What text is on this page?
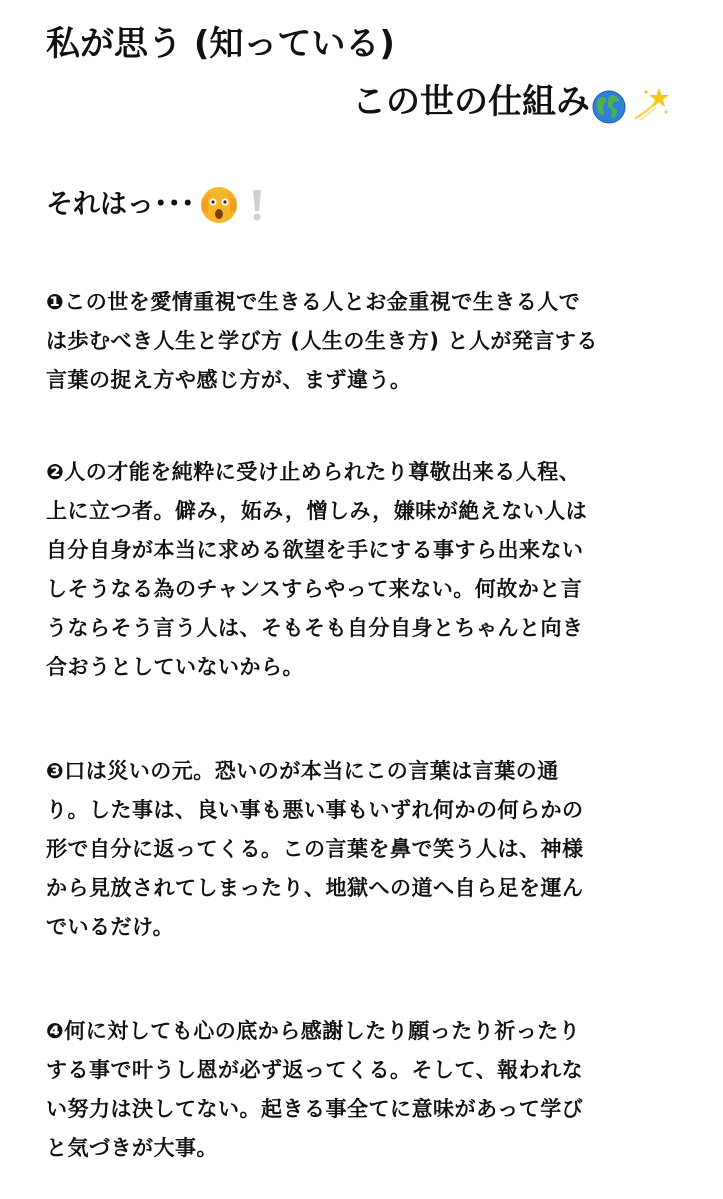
私が思う (知っている)
この世の仕組み
それはっ･･･
❶この世を愛情重視で生きる人とお金重視で生きる人で
は歩むべき人生と学び方 (人生の生き方) と人が発言する
言葉の捉え方や感じ方が、まず違う。
❷人の才能を純粋に受け止められたり尊敬出来る人程、
上に立つ者。僻み，妬み，憎しみ，嫌味が絶えない人は
自分自身が本当に求める欲望を手にする事すら出来ない
しそうなる為のチャンスすらやって来ない。何故かと言
うならそう言う人は、そもそも自分自身とちゃんと向き
合おうとしていないから。
❸口は災いの元。恐いのが本当にこの言葉は言葉の通
り。した事は、良い事も悪い事もいずれ何かの何らかの
形で自分に返ってくる。この言葉を鼻で笑う人は、神様
から見放されてしまったり、地獄への道へ自ら足を運ん
でいるだけ。
❹何に対しても心の底から感謝したり願ったり祈ったり
する事で叶うし恩が必ず返ってくる。そして、報われな
い努力は決してない。起きる事全てに意味があって学び
と気づきが大事。
